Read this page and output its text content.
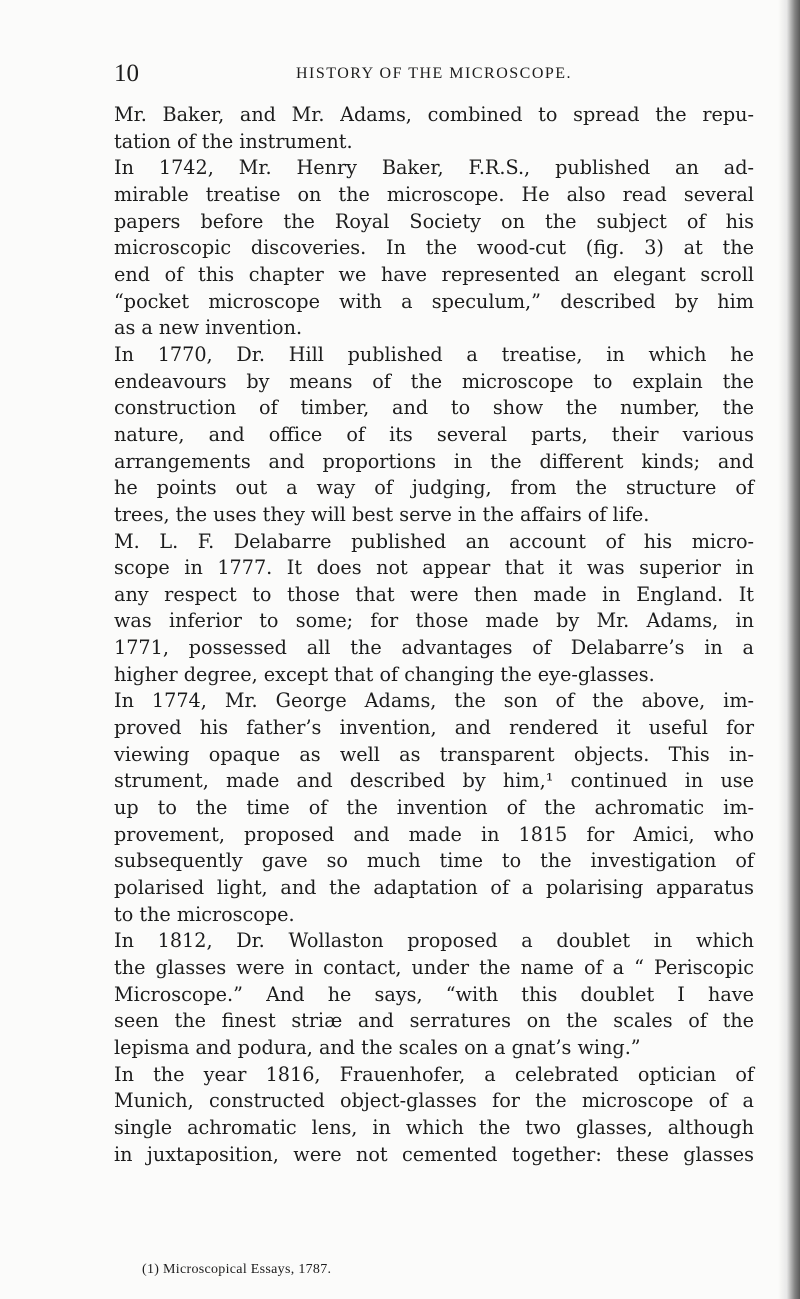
10	HISTORY OF THE MICROSCOPE.
Mr. Baker, and Mr. Adams, combined to spread the repu-
tation of the instrument.
In 1742, Mr. Henry Baker, F.R.S., published an ad-
mirable treatise on the microscope. He also read several
papers before the Royal Society on the subject of his
microscopic discoveries. In the wood-cut (fig. 3) at the
end of this chapter we have represented an elegant scroll
“pocket microscope with a speculum,” described by him
as a new invention.
In 1770, Dr. Hill published a treatise, in which he
endeavours by means of the microscope to explain the
construction of timber, and to show the number, the
nature, and office of its several parts, their various
arrangements and proportions in the different kinds; and
he points out a way of judging, from the structure of
trees, the uses they will best serve in the affairs of life.
M. L. F. Delabarre published an account of his micro-
scope in 1777. It does not appear that it was superior in
any respect to those that were then made in England. It
was inferior to some; for those made by Mr. Adams, in
1771, possessed all the advantages of Delabarre’s in a
higher degree, except that of changing the eye-glasses.
In 1774, Mr. George Adams, the son of the above, im-
proved his father’s invention, and rendered it useful for
viewing opaque as well as transparent objects. This in-
strument, made and described by him,¹ continued in use
up to the time of the invention of the achromatic im-
provement, proposed and made in 1815 for Amici, who
subsequently gave so much time to the investigation of
polarised light, and the adaptation of a polarising apparatus
to the microscope.
In 1812, Dr. Wollaston proposed a doublet in which
the glasses were in contact, under the name of a “ Periscopic
Microscope.” And he says, “with this doublet I have
seen the finest striæ and serratures on the scales of the
lepisma and podura, and the scales on a gnat’s wing.”
In the year 1816, Frauenhofer, a celebrated optician of
Munich, constructed object-glasses for the microscope of a
single achromatic lens, in which the two glasses, although
in juxtaposition, were not cemented together: these glasses
(1) Microscopical Essays, 1787.
